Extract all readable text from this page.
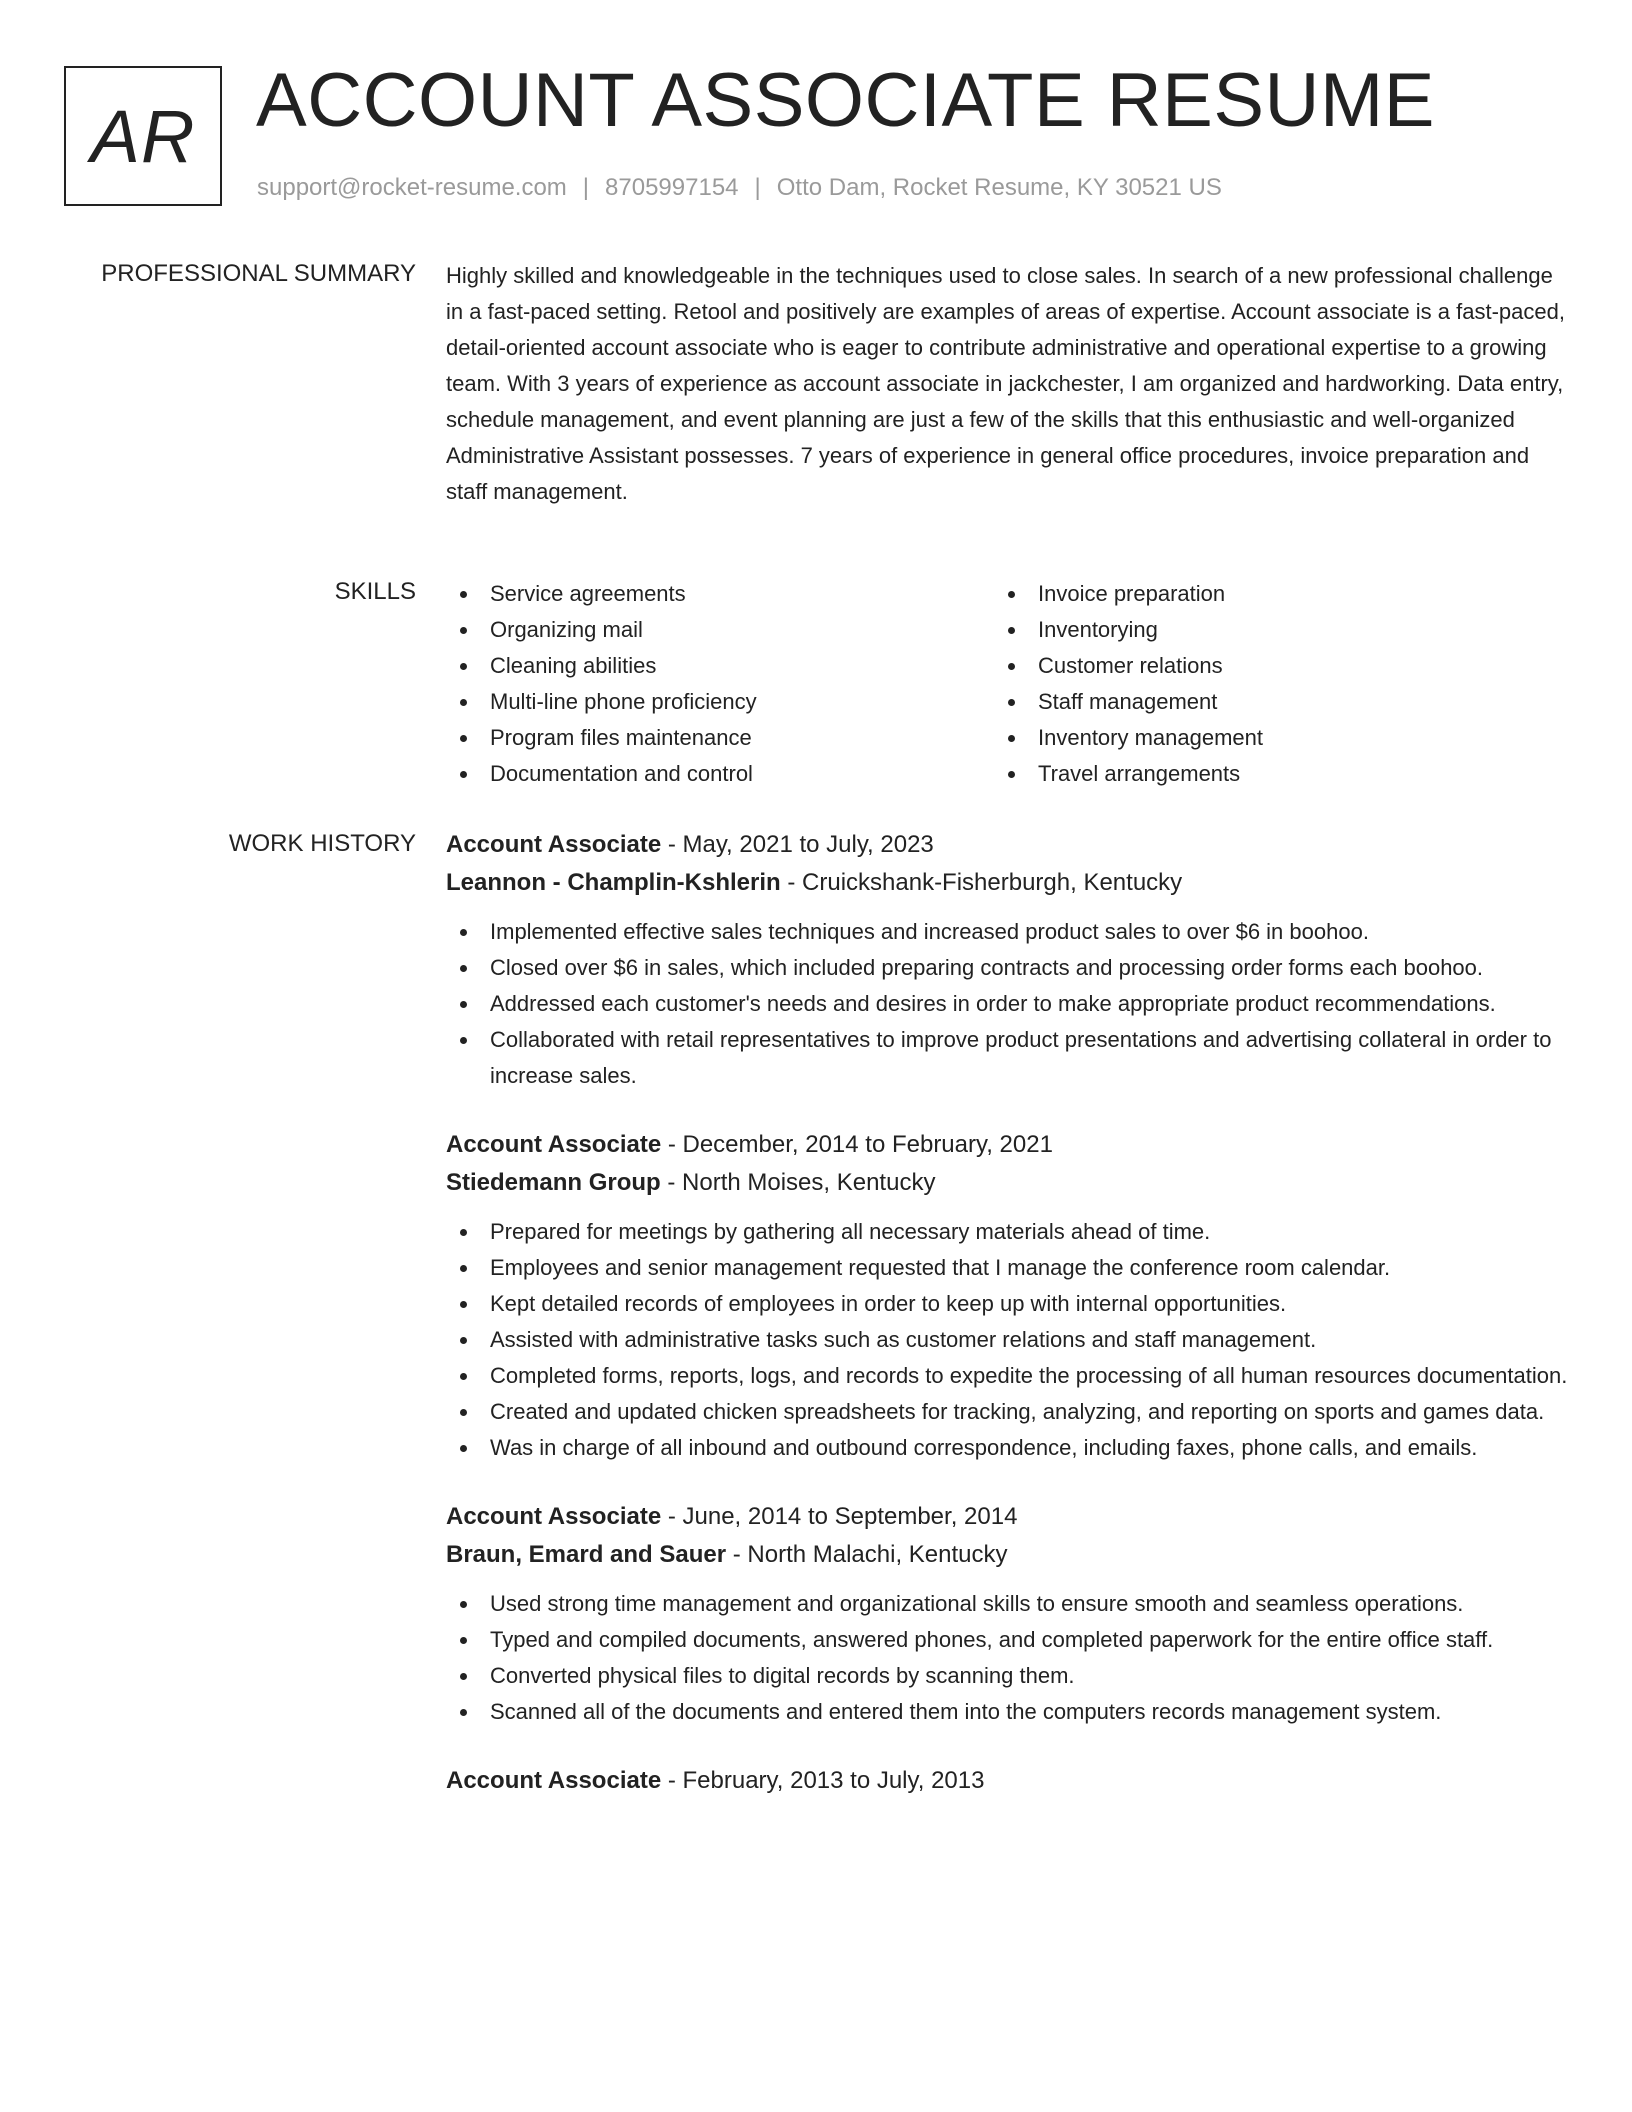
AR ACCOUNT ASSOCIATE RESUME
support@rocket-resume.com | 8705997154 | Otto Dam, Rocket Resume, KY 30521 US
PROFESSIONAL SUMMARY Highly skilled and knowledgeable in the techniques used to close sales. In search of a new professional challenge in a fast-paced setting. Retool and positively are examples of areas of expertise. Account associate is a fast-paced, detail-oriented account associate who is eager to contribute administrative and operational expertise to a growing team. With 3 years of experience as account associate in jackchester, I am organized and hardworking. Data entry, schedule management, and event planning are just a few of the skills that this enthusiastic and well-organized Administrative Assistant possesses. 7 years of experience in general office procedures, invoice preparation and staff management.
SKILLS	Service agreements
Organizing mail
Cleaning abilities
Multi-line phone proficiency
Program files maintenance
Documentation and control
Invoice preparation
Inventorying
Customer relations
Staff management
Inventory management
Travel arrangements
WORK HISTORY Account Associate - May, 2021 to July, 2023
Leannon - Champlin-Kshlerin - Cruickshank-Fisherburgh, Kentucky
Implemented effective sales techniques and increased product sales to over $6 in boohoo.
Closed over $6 in sales, which included preparing contracts and processing order forms each boohoo.
Addressed each customer's needs and desires in order to make appropriate product recommendations.
Collaborated with retail representatives to improve product presentations and advertising collateral in order to increase sales.
Account Associate - December, 2014 to February, 2021
Stiedemann Group - North Moises, Kentucky
Prepared for meetings by gathering all necessary materials ahead of time.
Employees and senior management requested that I manage the conference room calendar.
Kept detailed records of employees in order to keep up with internal opportunities.
Assisted with administrative tasks such as customer relations and staff management.
Completed forms, reports, logs, and records to expedite the processing of all human resources documentation.
Created and updated chicken spreadsheets for tracking, analyzing, and reporting on sports and games data.
Was in charge of all inbound and outbound correspondence, including faxes, phone calls, and emails.
Account Associate - June, 2014 to September, 2014
Braun, Emard and Sauer - North Malachi, Kentucky
Used strong time management and organizational skills to ensure smooth and seamless operations.
Typed and compiled documents, answered phones, and completed paperwork for the entire office staff.
Converted physical files to digital records by scanning them.
Scanned all of the documents and entered them into the computers records management system.
Account Associate - February, 2013 to July, 2013
